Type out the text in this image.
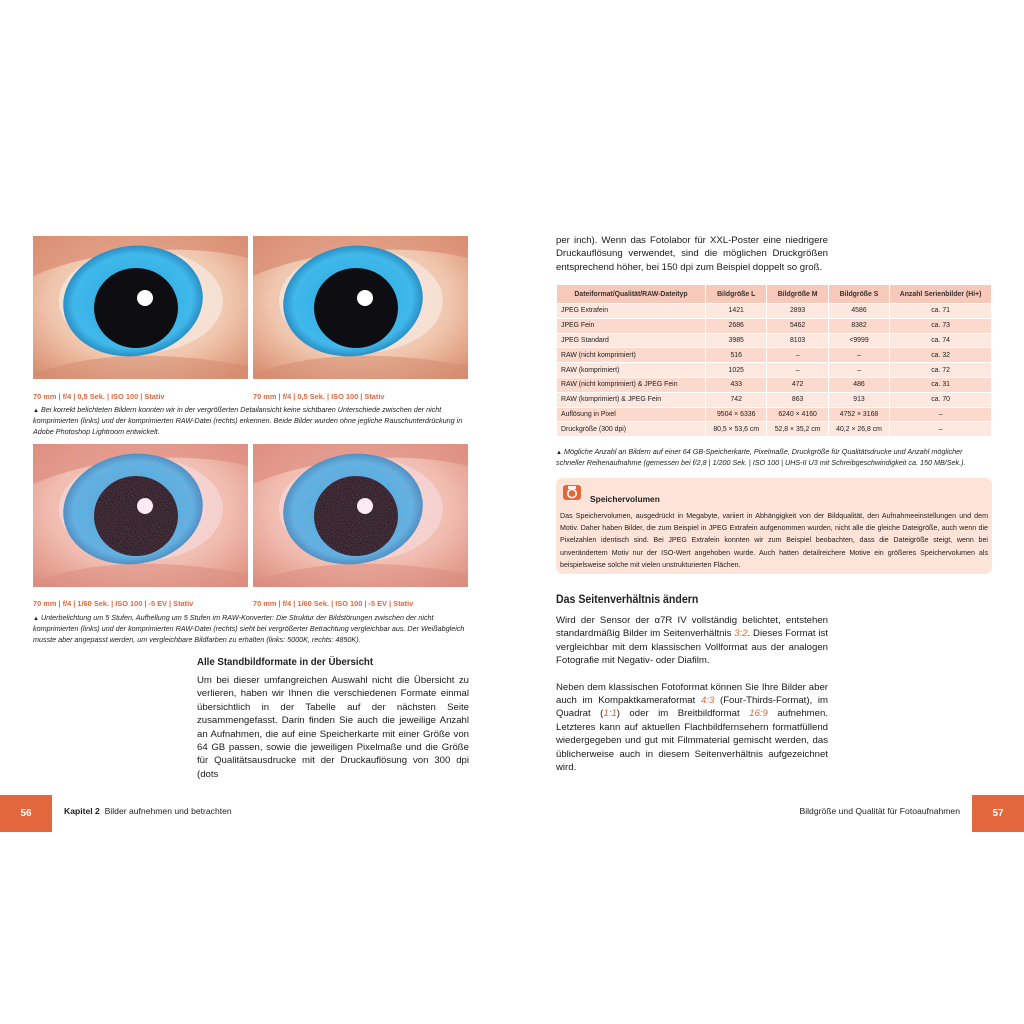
70 mm | f/4 | 0,5 Sek. | ISO 100 | Stativ	70 mm | f/4 | 0,5 Sek. | ISO 100 | Stativ
▲ Bei korrekt belichteten Bildern konnten wir in der vergrößerten Detailansicht keine sichtbaren Unterschiede zwischen der nicht komprimierten (links) und der komprimierten RAW-Datei (rechts) erkennen. Beide Bilder wurden ohne jegliche Rauschunterdrückung in Adobe Photoshop Lightroom entwickelt.
70 mm | f/4 | 1/60 Sek. | ISO 100 | -5 EV | Stativ	70 mm | f/4 | 1/60 Sek. | ISO 100 | -5 EV | Stativ
▲ Unterbelichtung um 5 Stufen, Aufhellung um 5 Stufen im RAW-Konverter: Die Struktur der Bildstörungen zwischen der nicht komprimierten (links) und der komprimierten RAW-Datei (rechts) sieht bei vergrößerter Betrachtung vergleichbar aus. Der Weißabgleich musste aber angepasst werden, um vergleichbare Bildfarben zu erhalten (links: 5000K, rechts: 4850K).
Alle Standbildformate in der Übersicht

Um bei dieser umfangreichen Auswahl nicht die Übersicht zu verlieren, haben wir Ihnen die verschiedenen Formate einmal übersichtlich in der Tabelle auf der nächsten Seite zusammengefasst. Darin finden Sie auch die jeweilige Anzahl an Aufnahmen, die auf eine Speicherkarte mit einer Größe von 64 GB passen, sowie die jeweiligen Pixelmaße und die Größe für Qualitätsausdrucke mit der Druckauflösung von 300 dpi (dots

per inch). Wenn das Fotolabor für XXL-Poster eine niedrigere Druckauflösung verwendet, sind die möglichen Druckgrößen entsprechend höher, bei 150 dpi zum Beispiel doppelt so groß.

Dateiformat/Qualität/RAW-Dateityp	Bildgröße L	Bildgröße M	Bildgröße S	Anzahl Serienbilder (Hi+)
JPEG Extrafein	1421	2893	4586	ca. 71
JPEG Fein	2686	5462	8382	ca. 73
JPEG Standard	3985	8103	<9999	ca. 74
RAW (nicht komprimiert)	516	–	–	ca. 32
RAW (komprimiert)	1025	–	–	ca. 72
RAW (nicht komprimiert) & JPEG Fein	433	472	486	ca. 31
RAW (komprimiert) & JPEG Fein	742	863	913	ca. 70
Auflösung in Pixel	9504 × 6336	6240 × 4160	4752 × 3168	–
Druckgröße (300 dpi)	80,5 × 53,6 cm	52,8 × 35,2 cm	40,2 × 26,8 cm	–
▲ Mögliche Anzahl an Bildern auf einer 64 GB-Speicherkarte, Pixelmaße, Druckgröße für Qualitätsdrucke und Anzahl möglicher schneller Reihenaufnahme (gemessen bei f/2,8 | 1/200 Sek. | ISO 100 | UHS-II U3 mit Schreibgeschwindigkeit ca. 150 MB/Sek.).
Speichervolumen
Das Speichervolumen, ausgedrückt in Megabyte, variiert in Abhängigkeit von der Bildqualität, den Aufnahmeeinstellungen und dem Motiv. Daher haben Bilder, die zum Beispiel in JPEG Extrafein aufgenommen wurden, nicht alle die gleiche Dateigröße, auch wenn die Pixelzahlen identisch sind. Bei JPEG Extrafein konnten wir zum Beispiel beobachten, dass die Dateigröße steigt, wenn bei unverändertem Motiv nur der ISO-Wert angehoben wurde. Auch hatten detailreichere Motive ein größeres Speichervolumen als beispielsweise solche mit vielen unstrukturierten Flächen.
Das Seitenverhältnis ändern

Wird der Sensor der α7R IV vollständig belichtet, entstehen standardmäßig Bilder im Seitenverhältnis 3:2. Dieses Format ist vergleichbar mit dem klassischen Vollformat aus der analogen Fotografie mit Negativ- oder Diafilm.

Neben dem klassischen Fotoformat können Sie Ihre Bilder aber auch im Kompaktkameraformat 4:3 (Four-Thirds-Format), im Quadrat (1:1) oder im Breitbildformat 16:9 aufnehmen. Letzteres kann auf aktuellen Flachbildfernsehern formatfüllend wiedergegeben und gut mit Filmmaterial gemischt werden, das üblicherweise auch in diesem Seitenverhältnis aufgezeichnet wird.

56	Kapitel 2 Bilder aufnehmen und betrachten	Bildgröße und Qualität für Fotoaufnahmen	57
